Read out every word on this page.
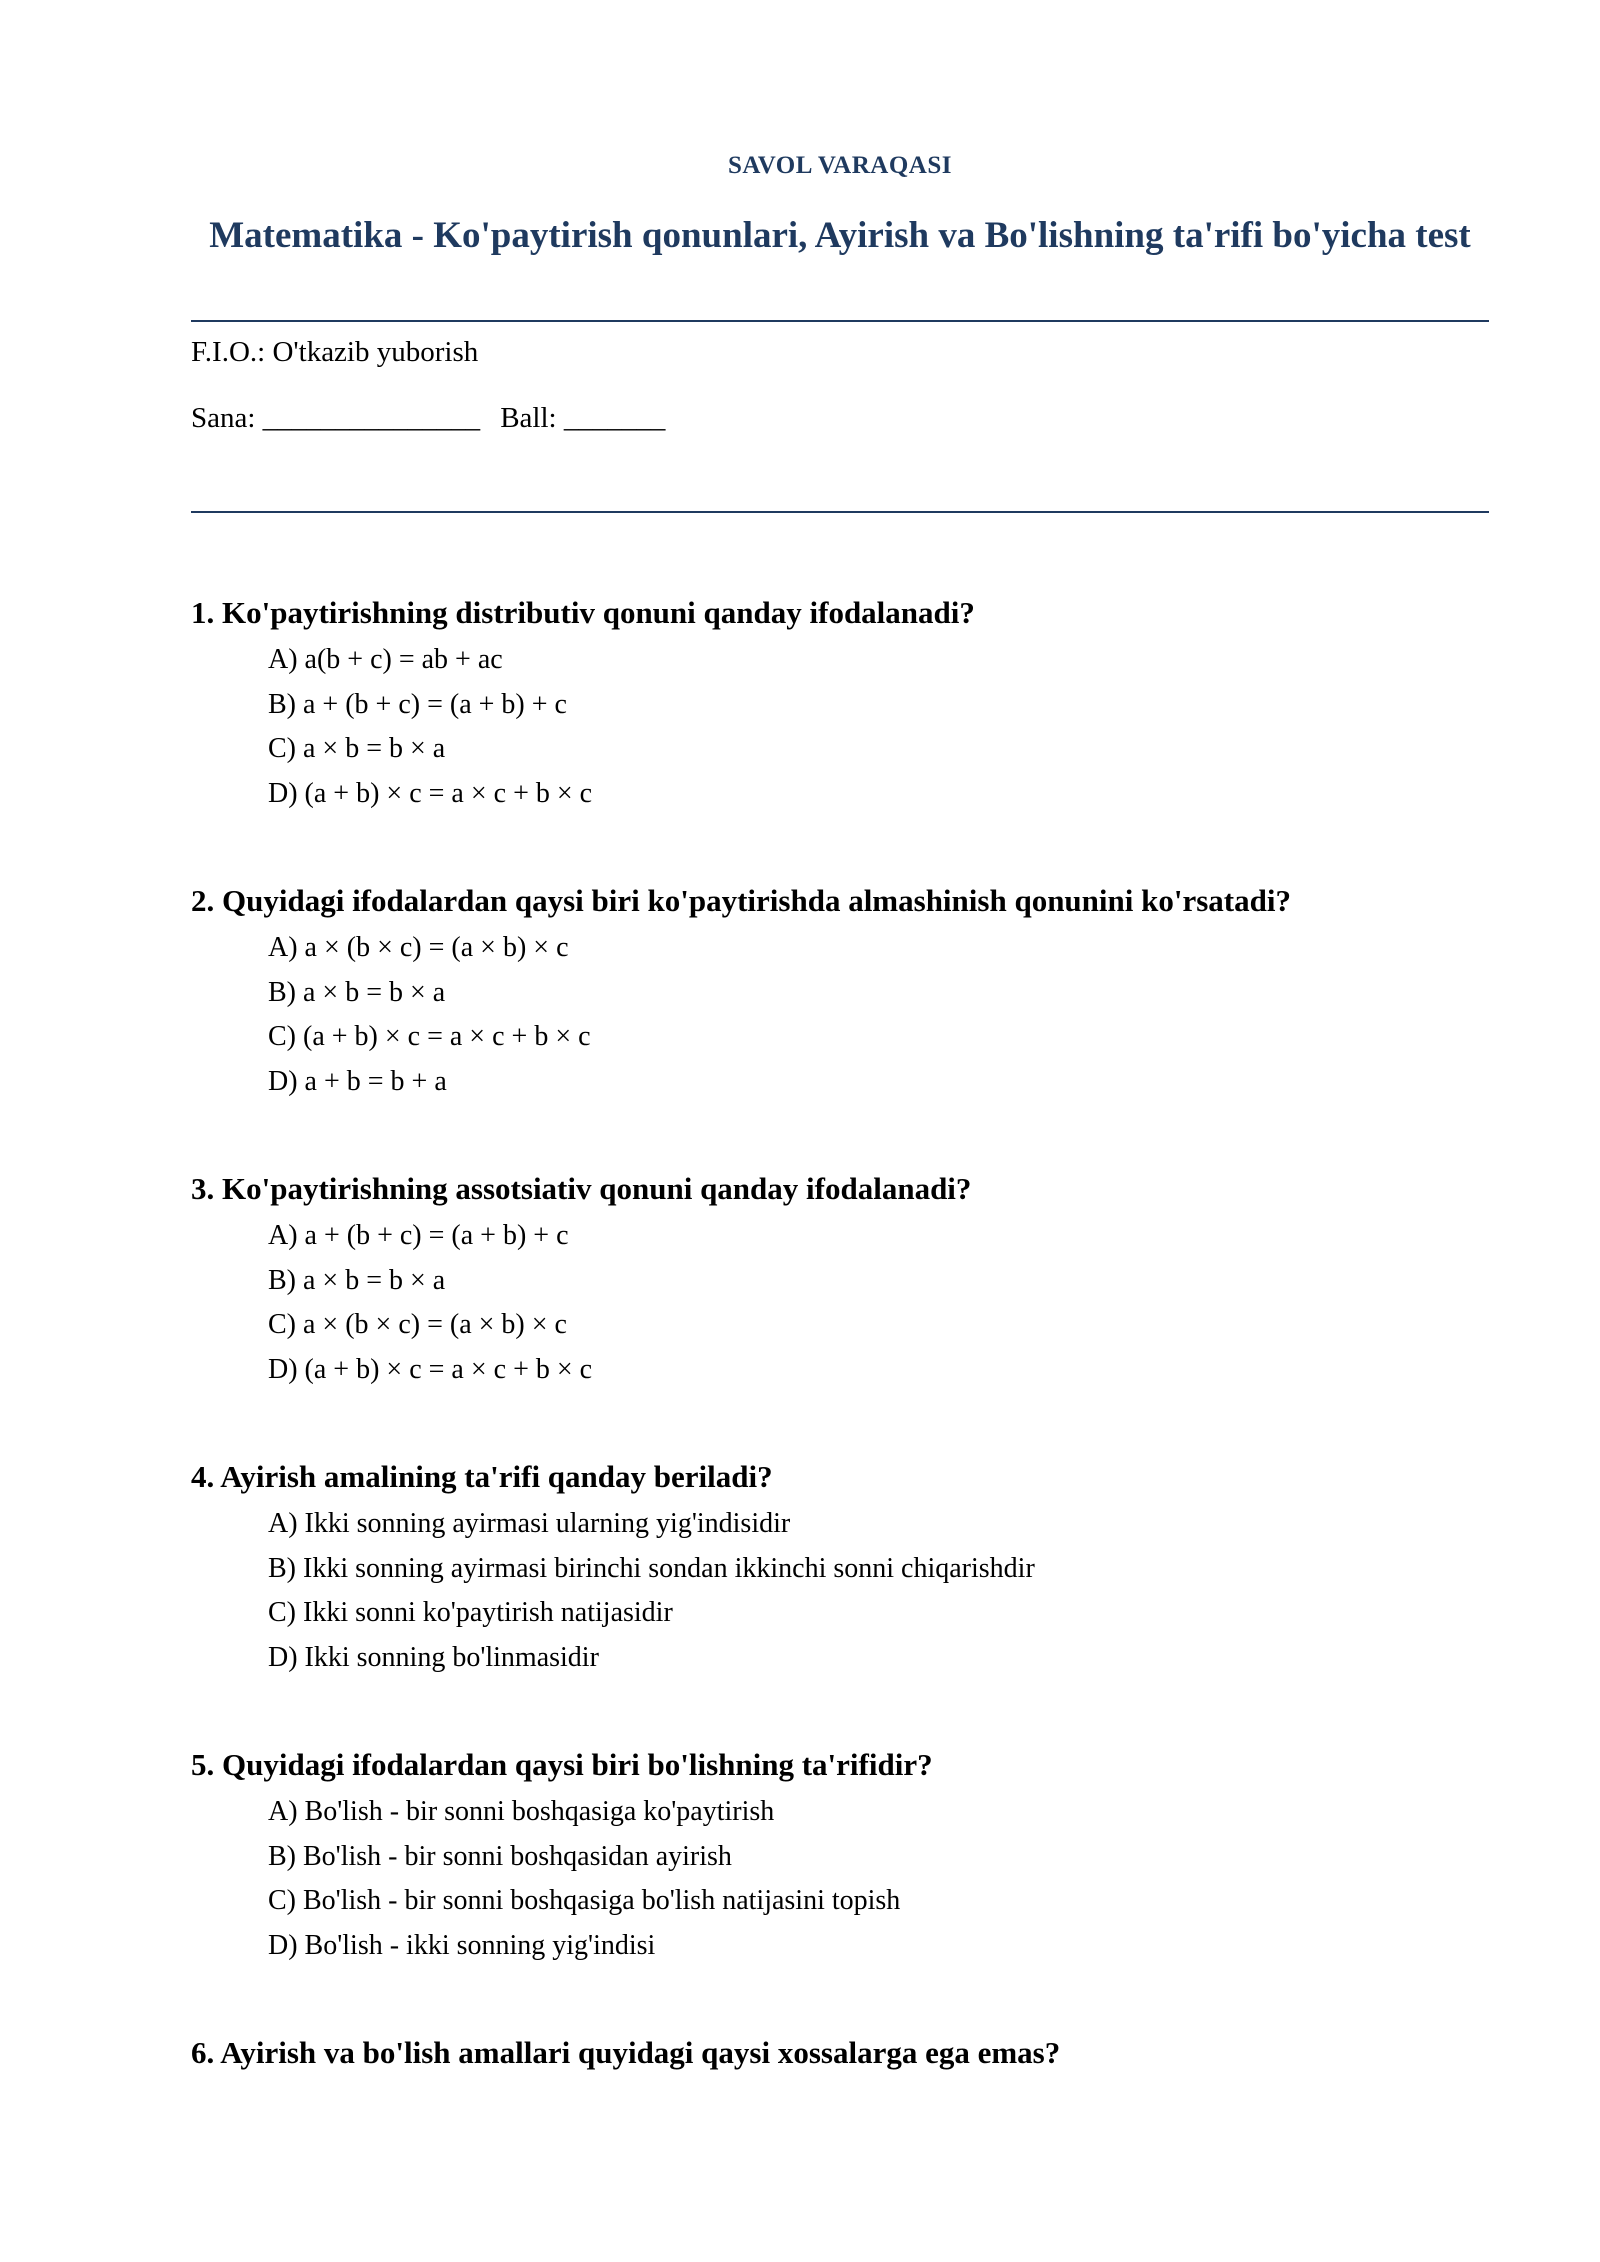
SAVOL VARAQASI
Matematika - Ko'paytirish qonunlari, Ayirish va Bo'lishning ta'rifi bo'yicha test
F.I.O.: O'tkazib yuborish
Sana: _______________ Ball: _______
1. Ko'paytirishning distributiv qonuni qanday ifodalanadi?
A) a(b + c) = ab + ac
B) a + (b + c) = (a + b) + c
C) a × b = b × a
D) (a + b) × c = a × c + b × c
2. Quyidagi ifodalardan qaysi biri ko'paytirishda almashinish qonunini ko'rsatadi?
A) a × (b × c) = (a × b) × c
B) a × b = b × a
C) (a + b) × c = a × c + b × c
D) a + b = b + a
3. Ko'paytirishning assotsiativ qonuni qanday ifodalanadi?
A) a + (b + c) = (a + b) + c
B) a × b = b × a
C) a × (b × c) = (a × b) × c
D) (a + b) × c = a × c + b × c
4. Ayirish amalining ta'rifi qanday beriladi?
A) Ikki sonning ayirmasi ularning yig'indisidir
B) Ikki sonning ayirmasi birinchi sondan ikkinchi sonni chiqarishdir
C) Ikki sonni ko'paytirish natijasidir
D) Ikki sonning bo'linmasidir
5. Quyidagi ifodalardan qaysi biri bo'lishning ta'rifidir?
A) Bo'lish - bir sonni boshqasiga ko'paytirish
B) Bo'lish - bir sonni boshqasidan ayirish
C) Bo'lish - bir sonni boshqasiga bo'lish natijasini topish
D) Bo'lish - ikki sonning yig'indisi
6. Ayirish va bo'lish amallari quyidagi qaysi xossalarga ega emas?
